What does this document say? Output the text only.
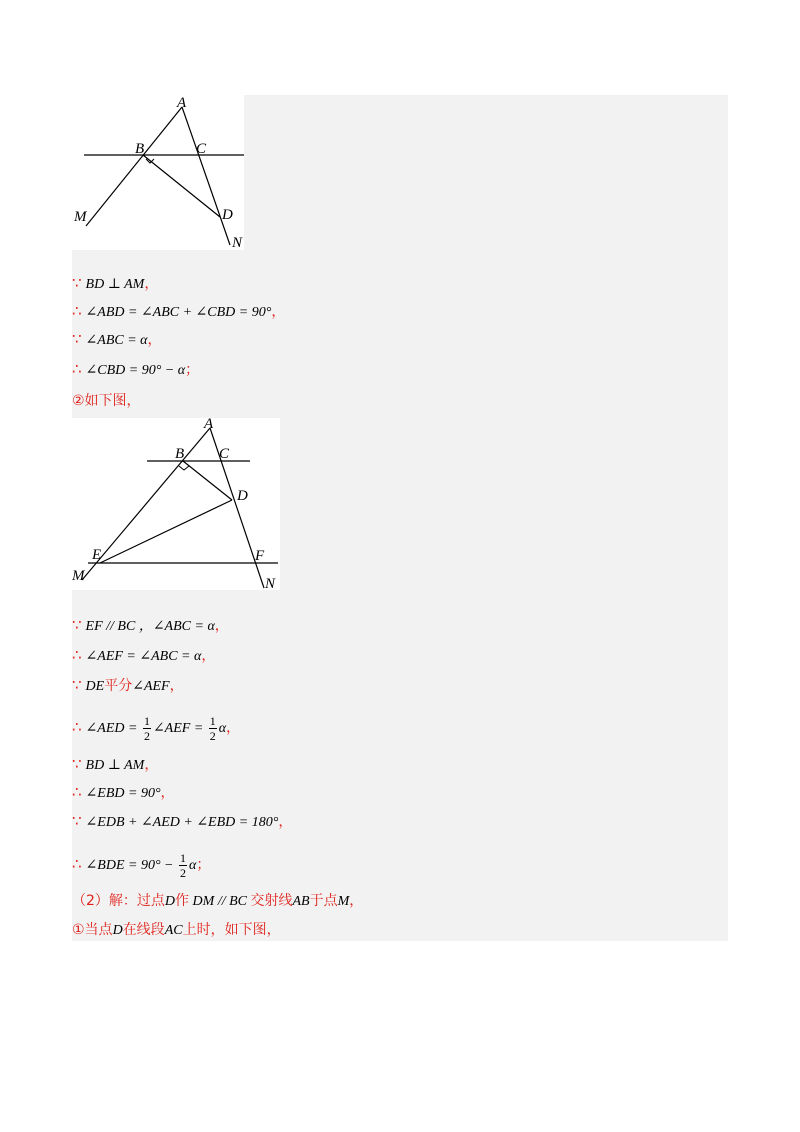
A
B	C
D
M
N
∵ BD ⊥ AM，
∴ ∠ABD = ∠ABC + ∠CBD = 90°，
∵ ∠ABC = α，
∴ ∠CBD = 90° − α；
②如下图，
A
B C
D
E	F
M	N
∵ EF // BC ，∠ABC = α，
∴ ∠AEF = ∠ABC = α，
∵ DE平分∠AEF，
∴ ∠AED = $\frac{1}{2}$ ∠AEF = $\frac{1}{2}$ α，
∵ BD ⊥ AM，
∴ ∠EBD = 90°，
∵ ∠EDB + ∠AED + ∠EBD = 180°，
∴ ∠BDE = $90^\circ - \frac{1}{2}$ α；
（2）解：过点D作 DM // BC 交射线AB于点M，
①当点D在线段AC上时，如下图，
